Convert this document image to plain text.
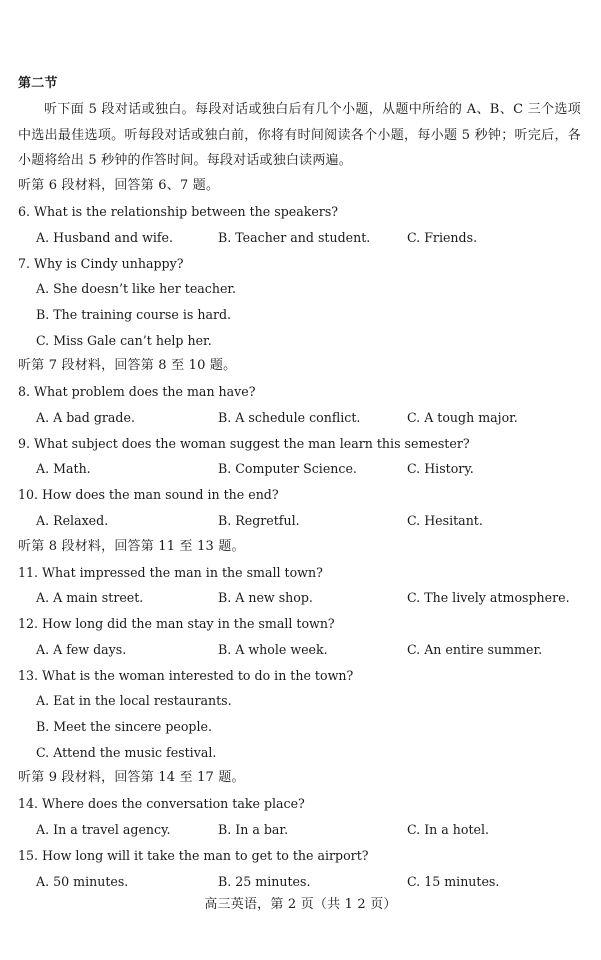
第二节
听下面 5 段对话或独白。每段对话或独白后有几个小题，从题中所给的 A、B、C 三个选项中选出最佳选项。听每段对话或独白前，你将有时间阅读各个小题，每小题 5 秒钟；听完后，各小题将给出 5 秒钟的作答时间。每段对话或独白读两遍。
听第 6 段材料，回答第 6、7 题。
6. What is the relationship between the speakers?
A. Husband and wife.	B. Teacher and student.	C. Friends.
7. Why is Cindy unhappy?
A. She doesn’t like her teacher.
B. The training course is hard.
C. Miss Gale can’t help her.
听第 7 段材料，回答第 8 至 10 题。
8. What problem does the man have?
A. A bad grade.	B. A schedule conflict.	C. A tough major.
9. What subject does the woman suggest the man learn this semester?
A. Math.	B. Computer Science.	C. History.
10. How does the man sound in the end?
A. Relaxed.	B. Regretful.	C. Hesitant.
听第 8 段材料，回答第 11 至 13 题。
11. What impressed the man in the small town?
A. A main street.	B. A new shop.	C. The lively atmosphere.
12. How long did the man stay in the small town?
A. A few days.	B. A whole week.	C. An entire summer.
13. What is the woman interested to do in the town?
A. Eat in the local restaurants.
B. Meet the sincere people.
C. Attend the music festival.
听第 9 段材料，回答第 14 至 17 题。
14. Where does the conversation take place?
A. In a travel agency.	B. In a bar.	C. In a hotel.
15. How long will it take the man to get to the airport?
A. 50 minutes.	B. 25 minutes.	C. 15 minutes.
高三英语，第 2 页（共 1 2 页）
